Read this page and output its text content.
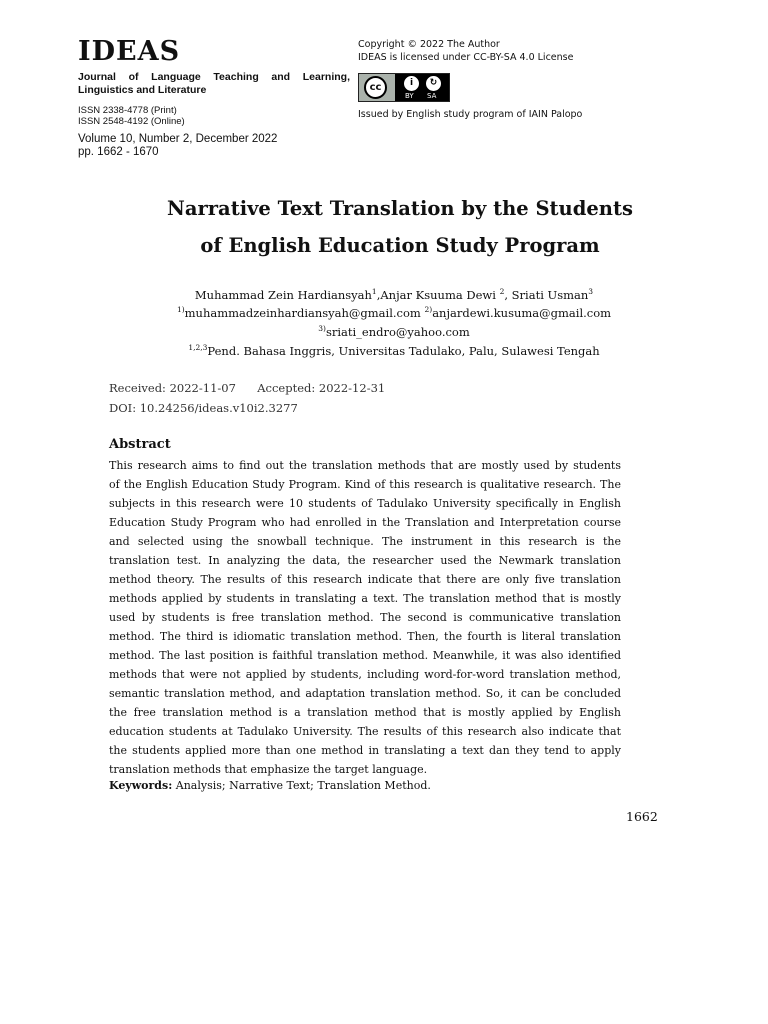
IDEAS
Journal of Language Teaching and Learning, Linguistics and Literature
ISSN 2338-4778 (Print)
ISSN 2548-4192 (Online)
Volume 10, Number 2, December 2022
pp. 1662 - 1670
Copyright © 2022 The Author
IDEAS is licensed under CC-BY-SA 4.0 License
cc	i	↻
BY SA
Issued by English study program of IAIN Palopo
Narrative Text Translation by the Students
of English Education Study Program
Muhammad Zein Hardiansyah$^1$,Anjar Ksuuma Dewi $^2$, Sriati Usman$^3$
$^{1)}$muhammadzeinhardiansyah@gmail.com $^{2)}$anjardewi.kusuma@gmail.com
$^{3)}$sriati_endro@yahoo.com
$^{1,2,3}$Pend. Bahasa Inggris, Universitas Tadulako, Palu, Sulawesi Tengah
Received: 2022-11-07 Accepted: 2022-12-31
DOI: 10.24256/ideas.v10i2.3277
Abstract
This research aims to find out the translation methods that are mostly used by students
of the English Education Study Program. Kind of this research is qualitative research. The
subjects in this research were 10 students of Tadulako University specifically in English
Education Study Program who had enrolled in the Translation and Interpretation course
and selected using the snowball technique. The instrument in this research is the
translation test. In analyzing the data, the researcher used the Newmark translation
method theory. The results of this research indicate that there are only five translation
methods applied by students in translating a text. The translation method that is mostly
used by students is free translation method. The second is communicative translation
method. The third is idiomatic translation method. Then, the fourth is literal translation
method. The last position is faithful translation method. Meanwhile, it was also identified
methods that were not applied by students, including word-for-word translation method,
semantic translation method, and adaptation translation method. So, it can be concluded
the free translation method is a translation method that is mostly applied by English
education students at Tadulako University. The results of this research also indicate that
the students applied more than one method in translating a text dan they tend to apply
translation methods that emphasize the target language.
Keywords: Analysis; Narrative Text; Translation Method.
1662
